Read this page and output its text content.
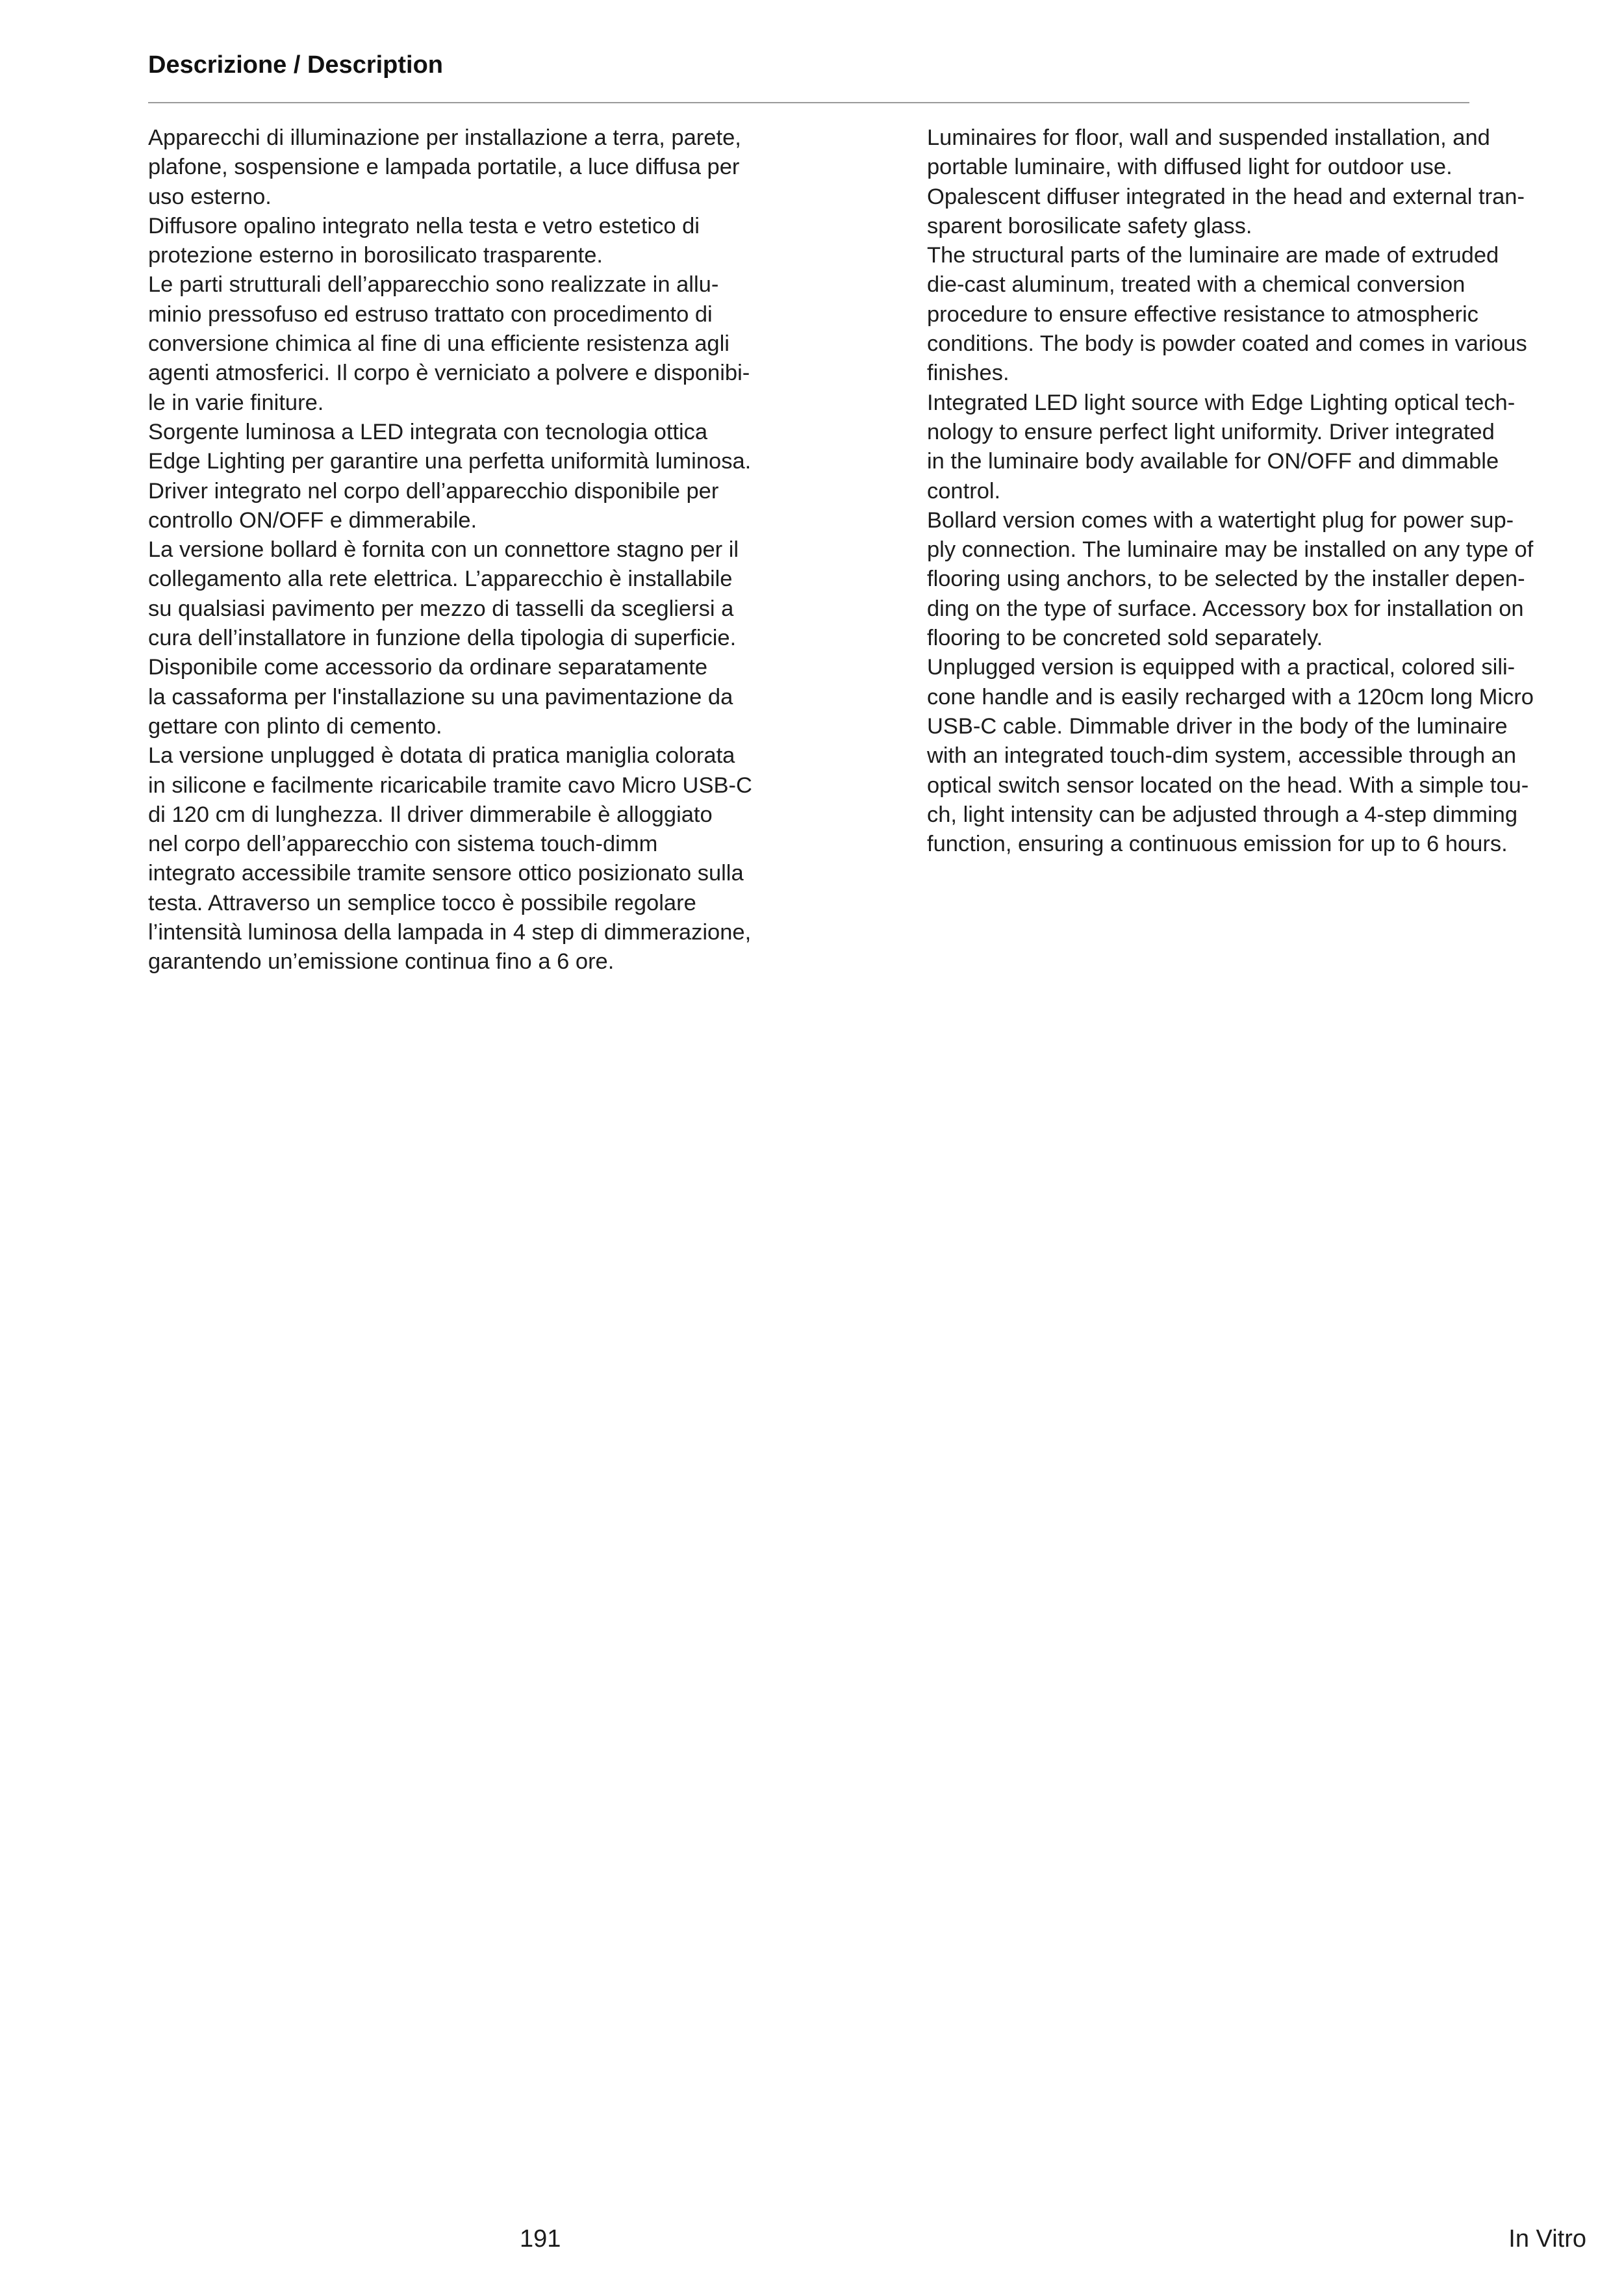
Descrizione / Description
Apparecchi di illuminazione per installazione a terra, parete,
plafone, sospensione e lampada portatile, a luce diffusa per
uso esterno.
Diffusore opalino integrato nella testa e vetro estetico di
protezione esterno in borosilicato trasparente.
Le parti strutturali dell’apparecchio sono realizzate in allu-
minio pressofuso ed estruso trattato con procedimento di
conversione chimica al fine di una efficiente resistenza agli
agenti atmosferici. Il corpo è verniciato a polvere e disponibi-
le in varie finiture.
Sorgente luminosa a LED integrata con tecnologia ottica
Edge Lighting per garantire una perfetta uniformità luminosa.
Driver integrato nel corpo dell’apparecchio disponibile per
controllo ON/OFF e dimmerabile.
La versione bollard è fornita con un connettore stagno per il
collegamento alla rete elettrica. L’apparecchio è installabile
su qualsiasi pavimento per mezzo di tasselli da scegliersi a
cura dell’installatore in funzione della tipologia di superficie.
Disponibile come accessorio da ordinare separatamente
la cassaforma per l'installazione su una pavimentazione da
gettare con plinto di cemento.
La versione unplugged è dotata di pratica maniglia colorata
in silicone e facilmente ricaricabile tramite cavo Micro USB-C
di 120 cm di lunghezza. Il driver dimmerabile è alloggiato
nel corpo dell’apparecchio con sistema touch-dimm
integrato accessibile tramite sensore ottico posizionato sulla
testa. Attraverso un semplice tocco è possibile regolare
l’intensità luminosa della lampada in 4 step di dimmerazione,
garantendo un’emissione continua fino a 6 ore.
Luminaires for floor, wall and suspended installation, and
portable luminaire, with diffused light for outdoor use.
Opalescent diffuser integrated in the head and external tran-
sparent borosilicate safety glass.
The structural parts of the luminaire are made of extruded
die-cast aluminum, treated with a chemical conversion
procedure to ensure effective resistance to atmospheric
conditions. The body is powder coated and comes in various
finishes.
Integrated LED light source with Edge Lighting optical tech-
nology to ensure perfect light uniformity. Driver integrated
in the luminaire body available for ON/OFF and dimmable
control.
Bollard version comes with a watertight plug for power sup-
ply connection. The luminaire may be installed on any type of
flooring using anchors, to be selected by the installer depen-
ding on the type of surface. Accessory box for installation on
flooring to be concreted sold separately.
Unplugged version is equipped with a practical, colored sili-
cone handle and is easily recharged with a 120cm long Micro
USB-C cable. Dimmable driver in the body of the luminaire
with an integrated touch-dim system, accessible through an
optical switch sensor located on the head. With a simple tou-
ch, light intensity can be adjusted through a 4-step dimming
function, ensuring a continuous emission for up to 6 hours.
191	In Vitro
